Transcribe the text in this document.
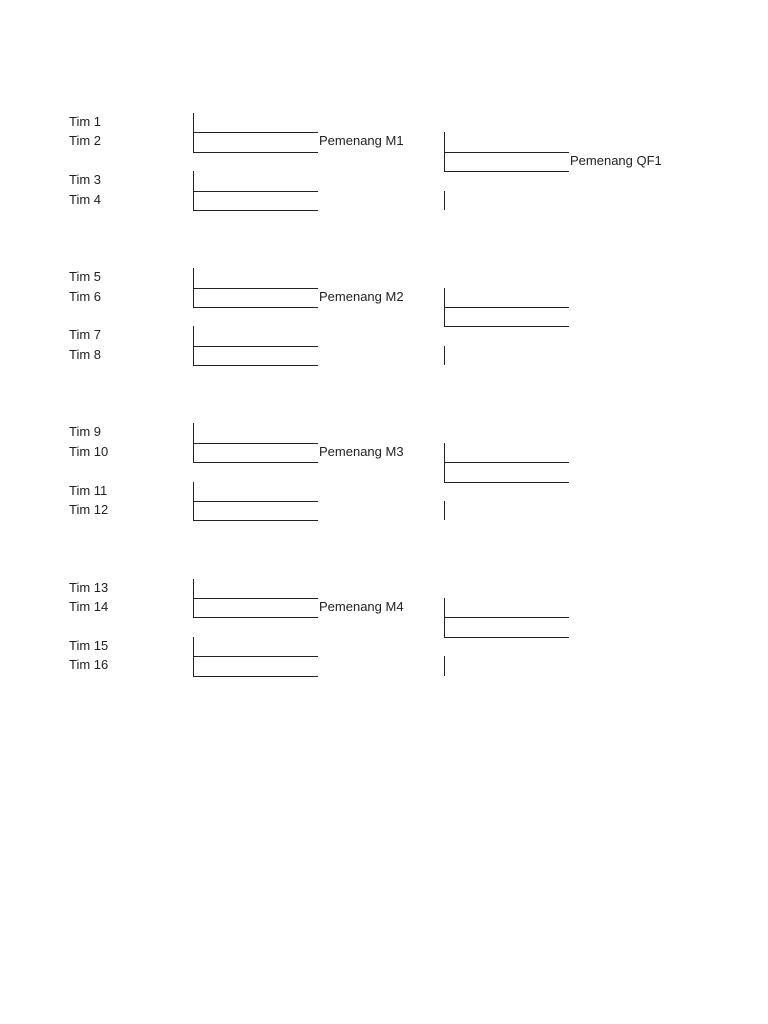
Tim 1
Tim 2
Tim 3
Tim 4
Tim 5
Tim 6
Tim 7
Tim 8
Tim 9
Tim 10
Tim 11
Tim 12
Tim 13
Tim 14
Tim 15
Tim 16
Pemenang M1
Pemenang M2
Pemenang M3
Pemenang M4
Pemenang QF1
